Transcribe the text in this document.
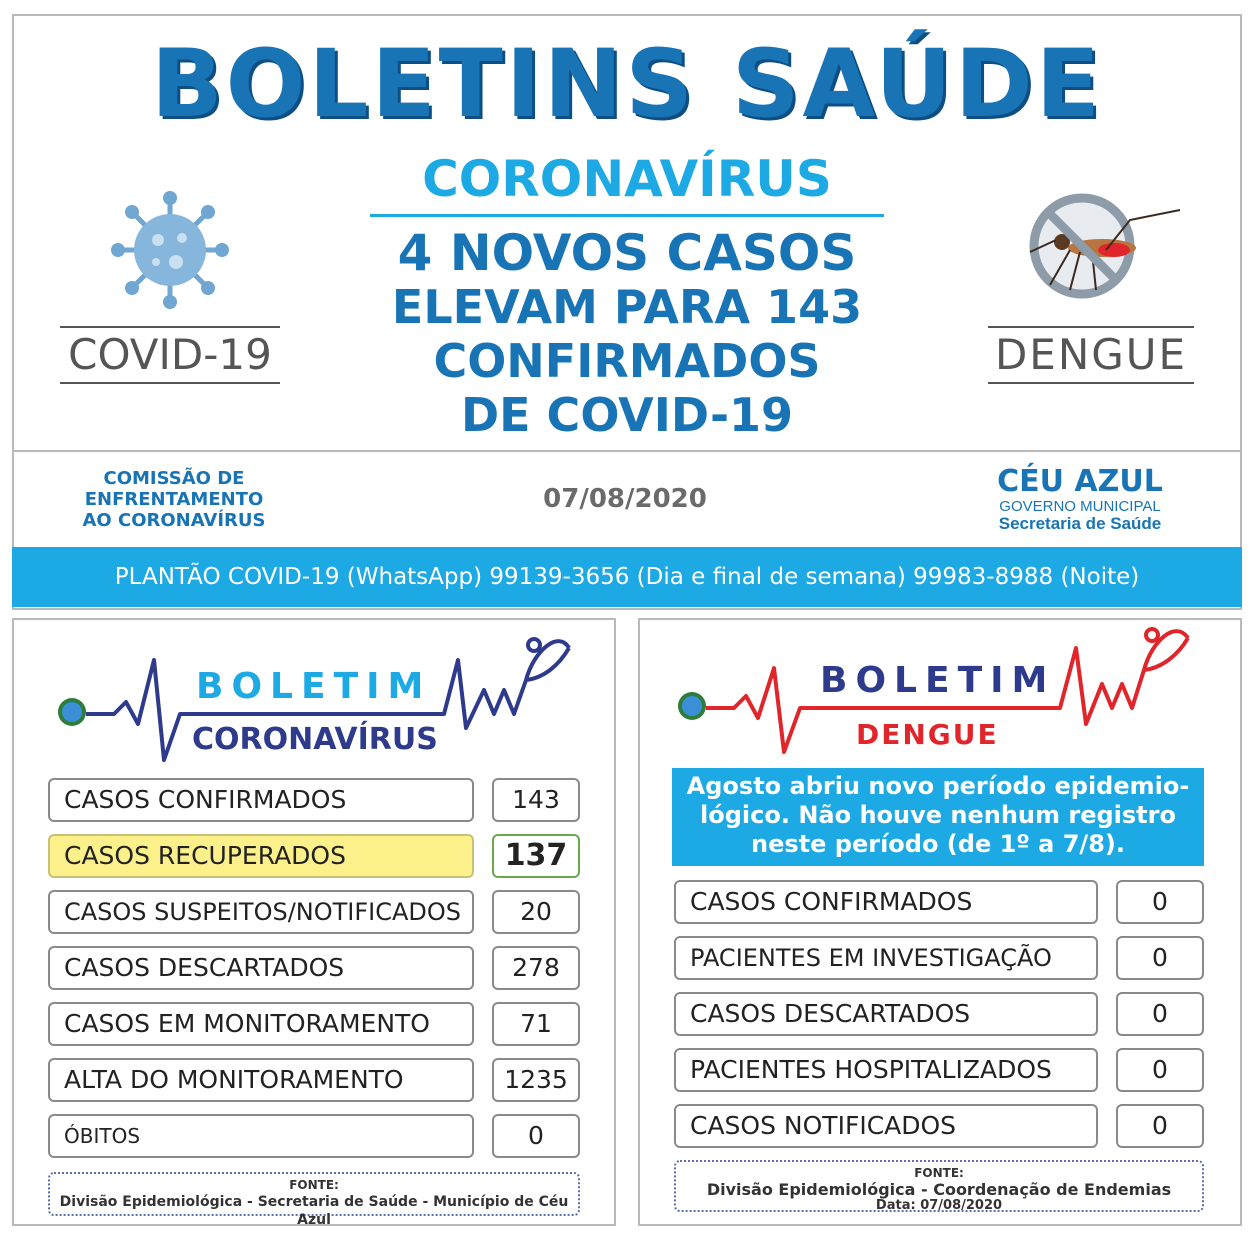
BOLETINS SAÚDE
CORONAVÍRUS
4 NOVOS CASOS
ELEVAM PARA 143
CONFIRMADOS
DE COVID-19
COVID-19	DENGUE
COMISSÃO DE
ENFRENTAMENTO
AO CORONAVÍRUS
07/08/2020	CÉU AZUL
GOVERNO MUNICIPAL
Secretaria de Saúde
PLANTÃO COVID-19 (WhatsApp) 99139-3656 (Dia e final de semana) 99983-8988 (Noite)
BOLETIM
CORONAVÍRUS
CASOS CONFIRMADOS	143
CASOS RECUPERADOS	137
CASOS SUSPEITOS/NOTIFICADOS	20
CASOS DESCARTADOS	278
CASOS EM MONITORAMENTO	71
ALTA DO MONITORAMENTO	1235
ÓBITOS	0
FONTE:
Divisão Epidemiológica - Secretaria de Saúde - Município de Céu Azul
BOLETIM
DENGUE
Agosto abriu novo período epidemio-
lógico. Não houve nenhum registro
neste período (de 1º a 7/8).
CASOS CONFIRMADOS	0
PACIENTES EM INVESTIGAÇÃO	0
CASOS DESCARTADOS	0
PACIENTES HOSPITALIZADOS	0
CASOS NOTIFICADOS	0
FONTE:
Divisão Epidemiológica - Coordenação de Endemias
Data: 07/08/2020
